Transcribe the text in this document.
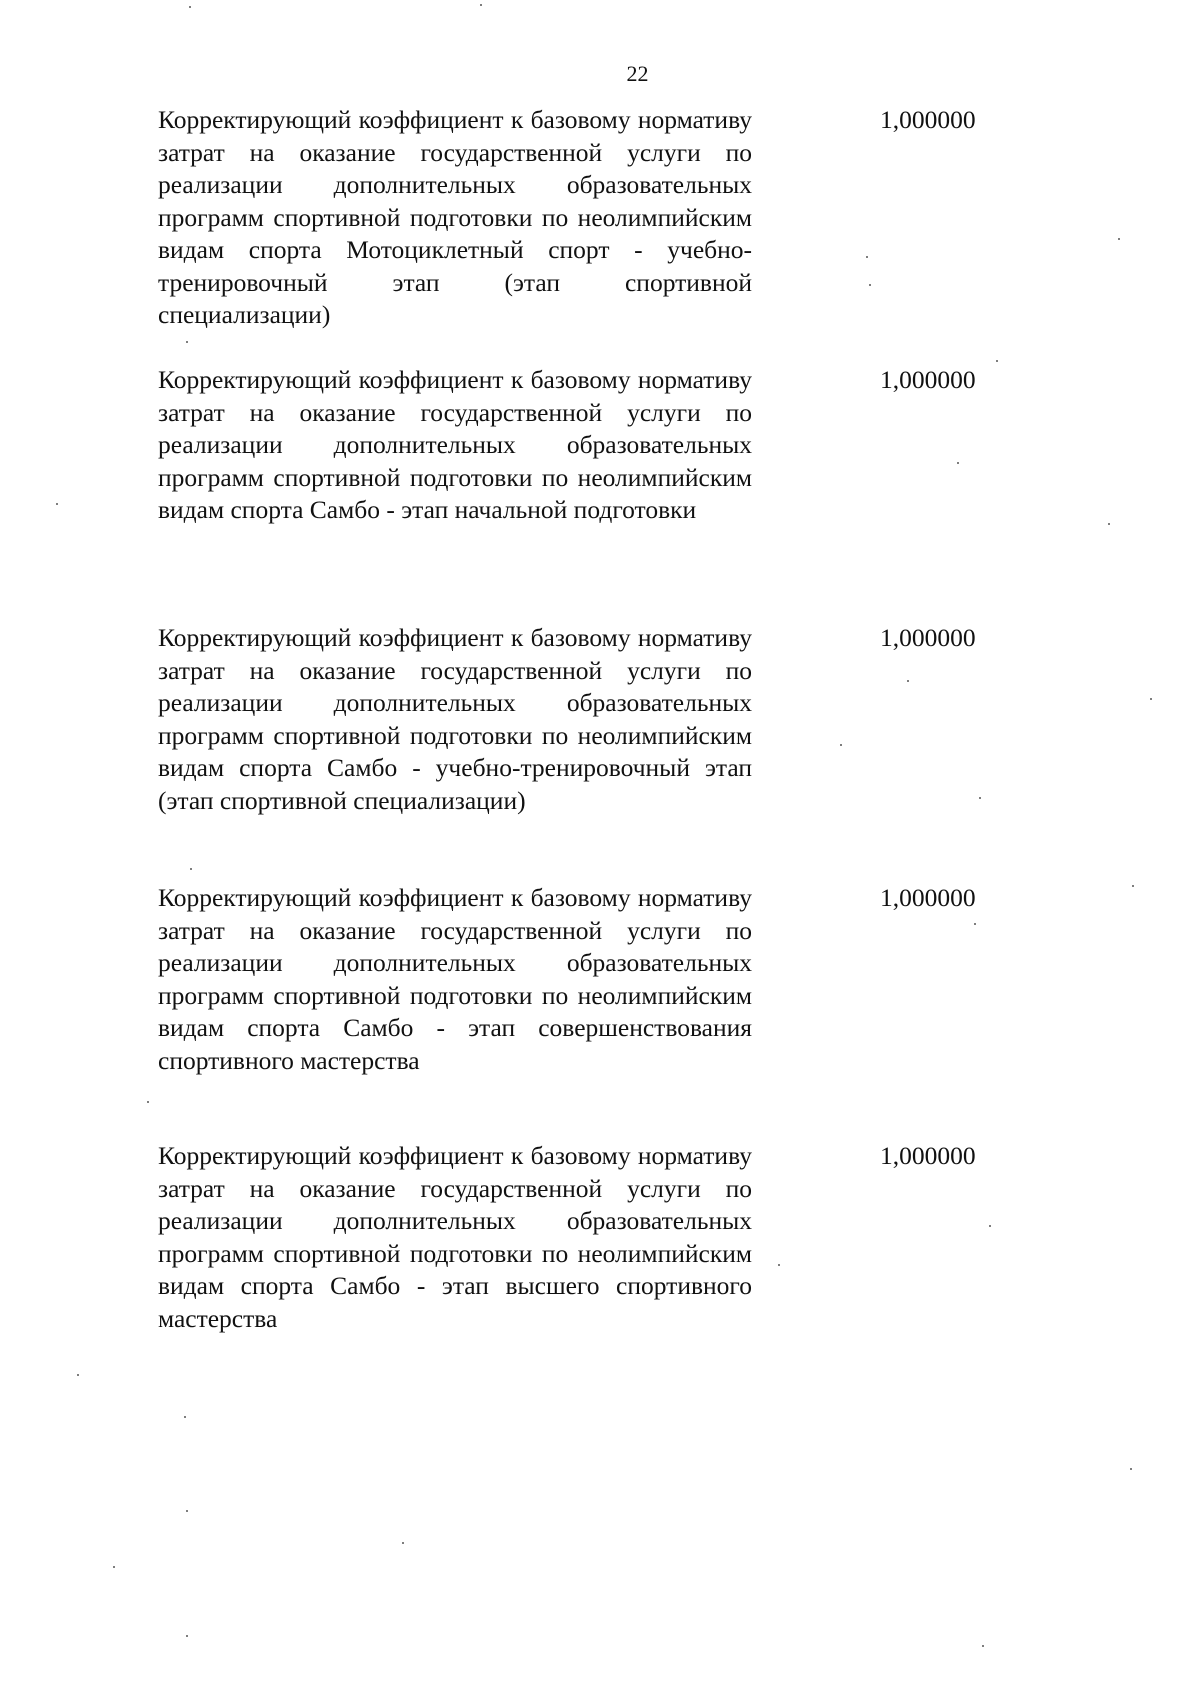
22
Корректирующий коэффициент к базовому нормативу затрат на оказание государственной услуги по реализации дополнительных образовательных программ спортивной подготовки по неолимпийским видам спорта Мотоциклетный спорт - учебно-тренировочный этап (этап спортивной специализации)
1,000000
Корректирующий коэффициент к базовому нормативу затрат на оказание государственной услуги по реализации дополнительных образовательных программ спортивной подготовки по неолимпийским видам спорта Самбо - этап начальной подготовки
1,000000
Корректирующий коэффициент к базовому нормативу затрат на оказание государственной услуги по реализации дополнительных образовательных программ спортивной подготовки по неолимпийским видам спорта Самбо - учебно-тренировочный этап (этап спортивной специализации)
1,000000
Корректирующий коэффициент к базовому нормативу затрат на оказание государственной услуги по реализации дополнительных образовательных программ спортивной подготовки по неолимпийским видам спорта Самбо - этап совершенствования спортивного мастерства
1,000000
Корректирующий коэффициент к базовому нормативу затрат на оказание государственной услуги по реализации дополнительных образовательных программ спортивной подготовки по неолимпийским видам спорта Самбо - этап высшего спортивного мастерства
1,000000
